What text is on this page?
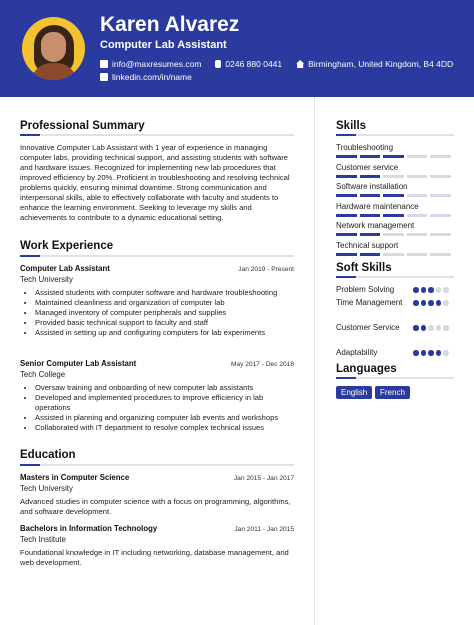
Karen Alvarez
Computer Lab Assistant
info@maxresumes.com	0246 880 0441	Birmingham, United Kingdom, B4 4DD
linkedin.com/in/name
Professional Summary
Innovative Computer Lab Assistant with 1 year of experience in managing computer labs, providing technical support, and assisting students with software and hardware issues. Recognized for implementing new lab procedures that improved efficiency by 20%. Proficient in troubleshooting and resolving technical problems quickly, ensuring minimal downtime. Strong communication and interpersonal skills, able to effectively collaborate with faculty and students to enhance the learning environment. Seeking to leverage my skills and achievements to contribute to a dynamic educational setting.
Work Experience
Computer Lab Assistant	Jan 2019 - Present
Tech University
• Assisted students with computer software and hardware troubleshooting
• Maintained cleanliness and organization of computer lab
• Managed inventory of computer peripherals and supplies
• Provided basic technical support to faculty and staff
• Assisted in setting up and configuring computers for lab experiments
Senior Computer Lab Assistant	May 2017 - Dec 2018
Tech College
• Oversaw training and onboarding of new computer lab assistants
• Developed and implemented procedures to improve efficiency in lab operations
• Assisted in planning and organizing computer lab events and workshops
• Collaborated with IT department to resolve complex technical issues
Education
Masters in Computer Science	Jan 2015 - Jan 2017
Tech University
Advanced studies in computer science with a focus on programming, algorithms, and software development.
Bachelors in Information Technology	Jan 2011 - Jan 2015
Tech Institute
Foundational knowledge in IT including networking, database management, and web development.
Skills
Troubleshooting
Customer service
Software installation
Hardware maintenance
Network management
Technical support
Soft Skills
Problem Solving
Time Management
Customer Service
Adaptability
Languages
English	French
